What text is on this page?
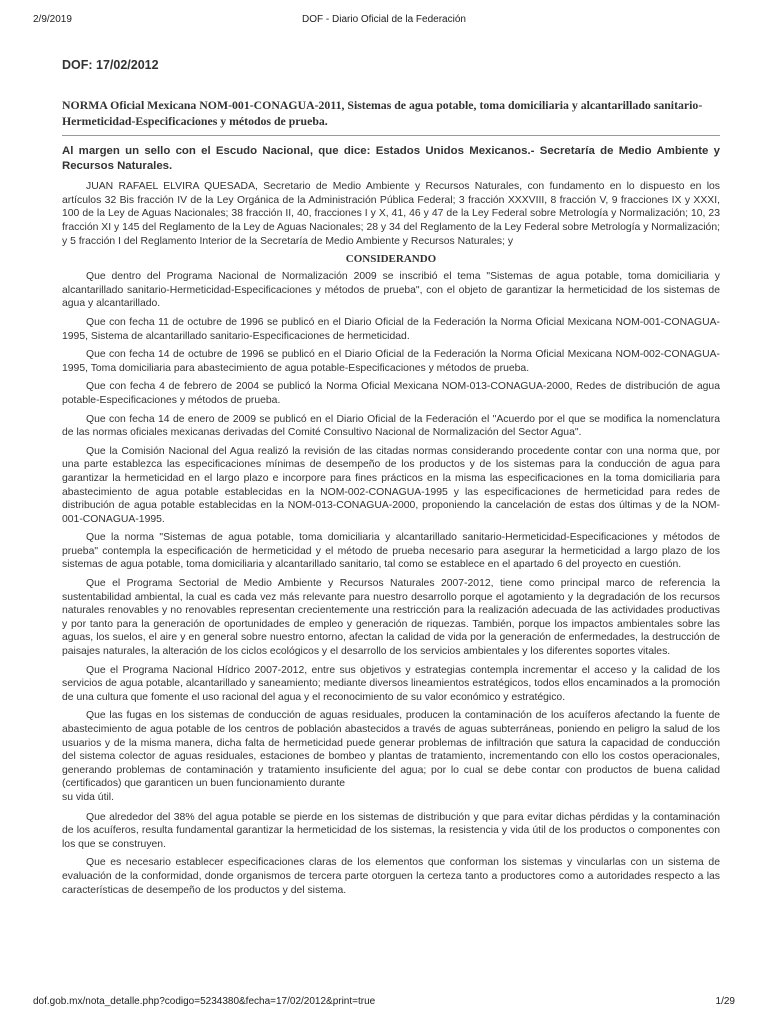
2/9/2019	DOF - Diario Oficial de la Federación
DOF: 17/02/2012
NORMA Oficial Mexicana NOM-001-CONAGUA-2011, Sistemas de agua potable, toma domiciliaria y alcantarillado sanitario-Hermeticidad-Especificaciones y métodos de prueba.
Al margen un sello con el Escudo Nacional, que dice: Estados Unidos Mexicanos.- Secretaría de Medio Ambiente y Recursos Naturales.

JUAN RAFAEL ELVIRA QUESADA, Secretario de Medio Ambiente y Recursos Naturales, con fundamento en lo dispuesto en los artículos 32 Bis fracción IV de la Ley Orgánica de la Administración Pública Federal; 3 fracción XXXVIII, 8 fracción V, 9 fracciones IX y XXXI, 100 de la Ley de Aguas Nacionales; 38 fracción II, 40, fracciones I y X, 41, 46 y 47 de la Ley Federal sobre Metrología y Normalización; 10, 23 fracción XI y 145 del Reglamento de la Ley de Aguas Nacionales; 28 y 34 del Reglamento de la Ley Federal sobre Metrología y Normalización; y 5 fracción I del Reglamento Interior de la Secretaría de Medio Ambiente y Recursos Naturales; y

CONSIDERANDO

Que dentro del Programa Nacional de Normalización 2009 se inscribió el tema "Sistemas de agua potable, toma domiciliaria y alcantarillado sanitario-Hermeticidad-Especificaciones y métodos de prueba", con el objeto de garantizar la hermeticidad de los sistemas de agua y alcantarillado.

Que con fecha 11 de octubre de 1996 se publicó en el Diario Oficial de la Federación la Norma Oficial Mexicana NOM-001-CONAGUA-1995, Sistema de alcantarillado sanitario-Especificaciones de hermeticidad.

Que con fecha 14 de octubre de 1996 se publicó en el Diario Oficial de la Federación la Norma Oficial Mexicana NOM-002-CONAGUA-1995, Toma domiciliaria para abastecimiento de agua potable-Especificaciones y métodos de prueba.

Que con fecha 4 de febrero de 2004 se publicó la Norma Oficial Mexicana NOM-013-CONAGUA-2000, Redes de distribución de agua potable-Especificaciones y métodos de prueba.

Que con fecha 14 de enero de 2009 se publicó en el Diario Oficial de la Federación el "Acuerdo por el que se modifica la nomenclatura de las normas oficiales mexicanas derivadas del Comité Consultivo Nacional de Normalización del Sector Agua".

Que la Comisión Nacional del Agua realizó la revisión de las citadas normas considerando procedente contar con una norma que, por una parte establezca las especificaciones mínimas de desempeño de los productos y de los sistemas para la conducción de agua para garantizar la hermeticidad en el largo plazo e incorpore para fines prácticos en la misma las especificaciones en la toma domiciliaria para abastecimiento de agua potable establecidas en la NOM-002-CONAGUA-1995 y las especificaciones de hermeticidad para redes de distribución de agua potable establecidas en la NOM-013-CONAGUA-2000, proponiendo la cancelación de estas dos últimas y de la NOM-001-CONAGUA-1995.

Que la norma "Sistemas de agua potable, toma domiciliaria y alcantarillado sanitario-Hermeticidad-Especificaciones y métodos de prueba" contempla la especificación de hermeticidad y el método de prueba necesario para asegurar la hermeticidad a largo plazo de los sistemas de agua potable, toma domiciliaria y alcantarillado sanitario, tal como se establece en el apartado 6 del proyecto en cuestión.

Que el Programa Sectorial de Medio Ambiente y Recursos Naturales 2007-2012, tiene como principal marco de referencia la sustentabilidad ambiental, la cual es cada vez más relevante para nuestro desarrollo porque el agotamiento y la degradación de los recursos naturales renovables y no renovables representan crecientemente una restricción para la realización adecuada de las actividades productivas y por tanto para la generación de oportunidades de empleo y generación de riquezas. También, porque los impactos ambientales sobre las aguas, los suelos, el aire y en general sobre nuestro entorno, afectan la calidad de vida por la generación de enfermedades, la destrucción de paisajes naturales, la alteración de los ciclos ecológicos y el desarrollo de los servicios ambientales y los diferentes soportes vitales.

Que el Programa Nacional Hídrico 2007-2012, entre sus objetivos y estrategias contempla incrementar el acceso y la calidad de los servicios de agua potable, alcantarillado y saneamiento; mediante diversos lineamientos estratégicos, todos ellos encaminados a la promoción de una cultura que fomente el uso racional del agua y el reconocimiento de su valor económico y estratégico.

Que las fugas en los sistemas de conducción de aguas residuales, producen la contaminación de los acuíferos afectando la fuente de abastecimiento de agua potable de los centros de población abastecidos a través de aguas subterráneas, poniendo en peligro la salud de los usuarios y de la misma manera, dicha falta de hermeticidad puede generar problemas de infiltración que satura la capacidad de conducción del sistema colector de aguas residuales, estaciones de bombeo y plantas de tratamiento, incrementando con ello los costos operacionales, generando problemas de contaminación y tratamiento insuficiente del agua; por lo cual se debe contar con productos de buena calidad (certificados) que garanticen un buen funcionamiento durante

su vida útil.

Que alrededor del 38% del agua potable se pierde en los sistemas de distribución y que para evitar dichas pérdidas y la contaminación de los acuíferos, resulta fundamental garantizar la hermeticidad de los sistemas, la resistencia y vida útil de los productos o componentes con los que se construyen.

Que es necesario establecer especificaciones claras de los elementos que conforman los sistemas y vincularlas con un sistema de evaluación de la conformidad, donde organismos de tercera parte otorguen la certeza tanto a productores como a autoridades respecto a las características de desempeño de los productos y del sistema.

dof.gob.mx/nota_detalle.php?codigo=5234380&fecha=17/02/2012&print=true	1/29
